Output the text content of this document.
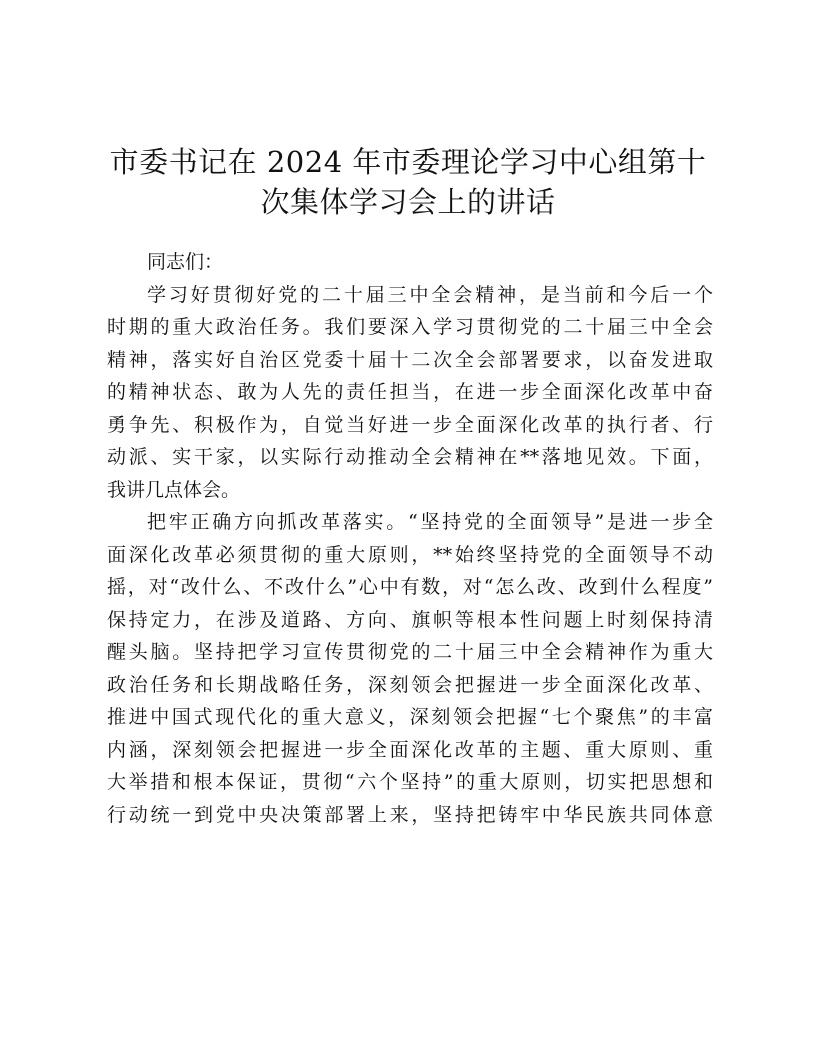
市委书记在 2024 年市委理论学习中心组第十
次集体学习会上的讲话
同志们：
学习好贯彻好党的二十届三中全会精神，是当前和今后一个
时期的重大政治任务。我们要深入学习贯彻党的二十届三中全会
精神，落实好自治区党委十届十二次全会部署要求，以奋发进取
的精神状态、敢为人先的责任担当，在进一步全面深化改革中奋
勇争先、积极作为，自觉当好进一步全面深化改革的执行者、行
动派、实干家，以实际行动推动全会精神在**落地见效。下面，
我讲几点体会。
把牢正确方向抓改革落实。“坚持党的全面领导”是进一步全
面深化改革必须贯彻的重大原则，**始终坚持党的全面领导不动
摇，对“改什么、不改什么”心中有数，对“怎么改、改到什么程度”
保持定力，在涉及道路、方向、旗帜等根本性问题上时刻保持清
醒头脑。坚持把学习宣传贯彻党的二十届三中全会精神作为重大
政治任务和长期战略任务，深刻领会把握进一步全面深化改革、
推进中国式现代化的重大意义，深刻领会把握“七个聚焦”的丰富
内涵，深刻领会把握进一步全面深化改革的主题、重大原则、重
大举措和根本保证，贯彻“六个坚持”的重大原则，切实把思想和
行动统一到党中央决策部署上来，坚持把铸牢中华民族共同体意
